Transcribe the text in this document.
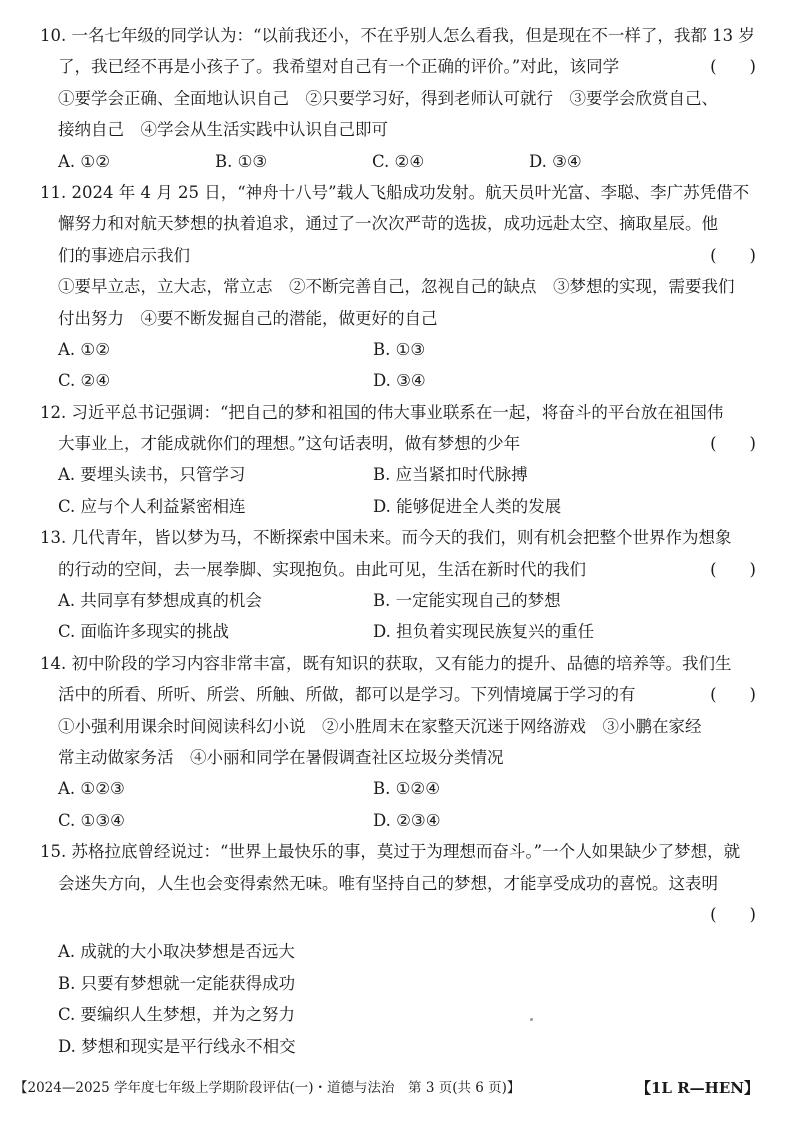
10. 一名七年级的同学认为：“以前我还小，不在乎别人怎么看我，但是现在不一样了，我都 13 岁
了，我已经不再是小孩子了。我希望对自己有一个正确的评价。”对此，该同学	(　　)
①要学会正确、全面地认识自己　②只要学习好，得到老师认可就行　③要学会欣赏自己、
接纳自己　④学会从生活实践中认识自己即可
A. ①②	B. ①③	C. ②④	D. ③④
11. 2024 年 4 月 25 日，“神舟十八号”载人飞船成功发射。航天员叶光富、李聪、李广苏凭借不
懈努力和对航天梦想的执着追求，通过了一次次严苛的选拔，成功远赴太空、摘取星辰。他
们的事迹启示我们	(　　)
①要早立志，立大志，常立志　②不断完善自己，忽视自己的缺点　③梦想的实现，需要我们
付出努力　④要不断发掘自己的潜能，做更好的自己
A. ①②	B. ①③
C. ②④	D. ③④
12. 习近平总书记强调：“把自己的梦和祖国的伟大事业联系在一起，将奋斗的平台放在祖国伟
大事业上，才能成就你们的理想。”这句话表明，做有梦想的少年	(　　)
A. 要埋头读书，只管学习	B. 应当紧扣时代脉搏
C. 应与个人利益紧密相连	D. 能够促进全人类的发展
13. 几代青年，皆以梦为马，不断探索中国未来。而今天的我们，则有机会把整个世界作为想象
的行动的空间，去一展拳脚、实现抱负。由此可见，生活在新时代的我们	(　　)
A. 共同享有梦想成真的机会	B. 一定能实现自己的梦想
C. 面临许多现实的挑战	D. 担负着实现民族复兴的重任
14. 初中阶段的学习内容非常丰富，既有知识的获取，又有能力的提升、品德的培养等。我们生
活中的所看、所听、所尝、所触、所做，都可以是学习。下列情境属于学习的有	(　　)
①小强利用课余时间阅读科幻小说　②小胜周末在家整天沉迷于网络游戏　③小鹏在家经
常主动做家务活　④小丽和同学在暑假调查社区垃圾分类情况
A. ①②③	B. ①②④
C. ①③④	D. ②③④
15. 苏格拉底曾经说过：“世界上最快乐的事，莫过于为理想而奋斗。”一个人如果缺少了梦想，就
会迷失方向，人生也会变得索然无味。唯有坚持自己的梦想，才能享受成功的喜悦。这表明
(　　)
A. 成就的大小取决梦想是否远大
B. 只要有梦想就一定能获得成功
C. 要编织人生梦想，并为之努力
D. 梦想和现实是平行线永不相交
【2024—2025 学年度七年级上学期阶段评估(一)・道德与法治　第 3 页(共 6 页)】	【1L R—HEN】
